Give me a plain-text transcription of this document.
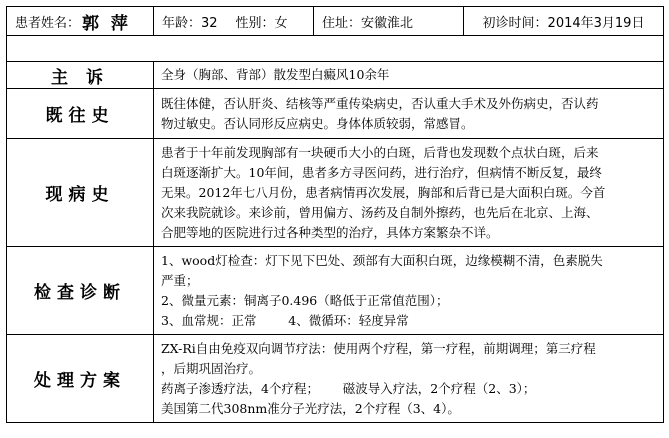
患者姓名： 郭 萍	年龄：32 性别：女	住址：安徽淮北	初诊时间：2014年3月19日

主 诉	全身（胸部、背部）散发型白癜风10余年		

既往史	既往体健，否认肝炎、结核等严重传染病史，否认重大手术及外伤病史，否认药
物过敏史。否认同形反应病史。身体体质较弱，常感冒。		

现病史	患者于十年前发现胸部有一块硬币大小的白斑，后背也发现数个点状白斑，后来
白斑逐渐扩大。10年间，患者多方寻医问药，进行治疗，但病情不断反复，最终
无果。2012年七八月份，患者病情再次发展，胸部和后背已是大面积白斑。今首
次来我院就诊。来诊前，曾用偏方、汤药及自制外擦药，也先后在北京、上海、
合肥等地的医院进行过各种类型的治疗，具体方案繁杂不详。		

检查诊断	1、wood灯检查：灯下见下巴处、颈部有大面积白斑，边缘模糊不清，色素脱失
严重；
2、微量元素：铜离子0.496（略低于正常值范围）；
3、血常规：正常        4、微循环：轻度异常		

处理方案	ZX-Ri自由免疫双向调节疗法：使用两个疗程，第一疗程，前期调理；第三疗程
，后期巩固治疗。
药离子渗透疗法，4个疗程；      磁波导入疗法，2个疗程（2、3）；
美国第二代308nm准分子光疗法，2个疗程（3、4）。		
